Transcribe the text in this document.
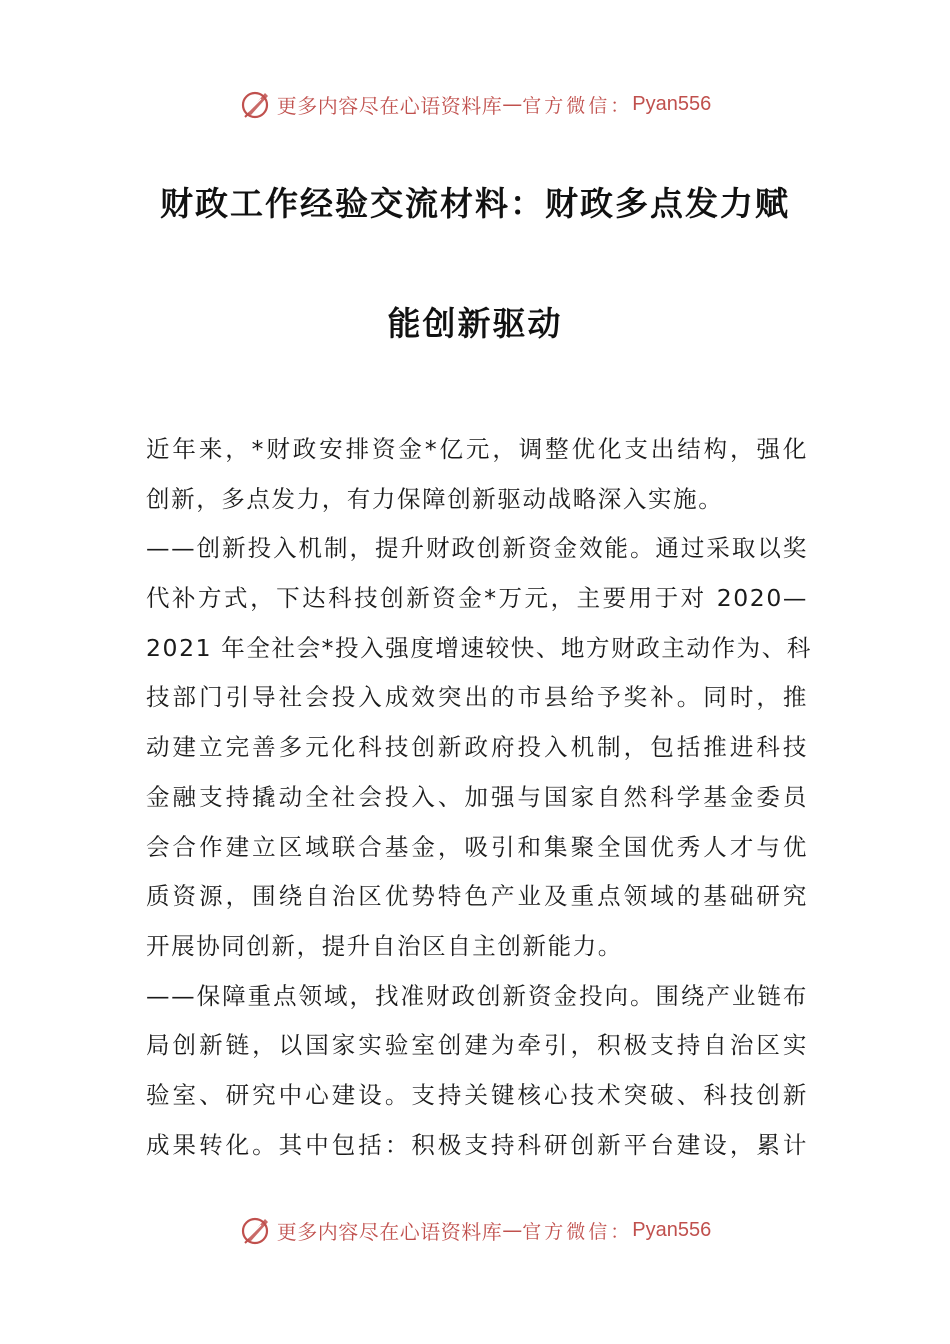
更多内容尽在心语资料库 — 官方微信： Pyan556
财政工作经验交流材料：财政多点发力赋
能创新驱动
近年来，*财政安排资金*亿元，调整优化支出结构，强化
创新，多点发力，有力保障创新驱动战略深入实施。
——创新投入机制，提升财政创新资金效能。通过采取以奖
代补方式，下达科技创新资金*万元，主要用于对 2020—
2021 年全社会*投入强度增速较快、地方财政主动作为、科
技部门引导社会投入成效突出的市县给予奖补。同时，推
动建立完善多元化科技创新政府投入机制，包括推进科技
金融支持撬动全社会投入、加强与国家自然科学基金委员
会合作建立区域联合基金，吸引和集聚全国优秀人才与优
质资源，围绕自治区优势特色产业及重点领域的基础研究
开展协同创新，提升自治区自主创新能力。
——保障重点领域，找准财政创新资金投向。围绕产业链布
局创新链，以国家实验室创建为牵引，积极支持自治区实
验室、研究中心建设。支持关键核心技术突破、科技创新
成果转化。其中包括：积极支持科研创新平台建设，累计
更多内容尽在心语资料库 — 官方微信： Pyan556
